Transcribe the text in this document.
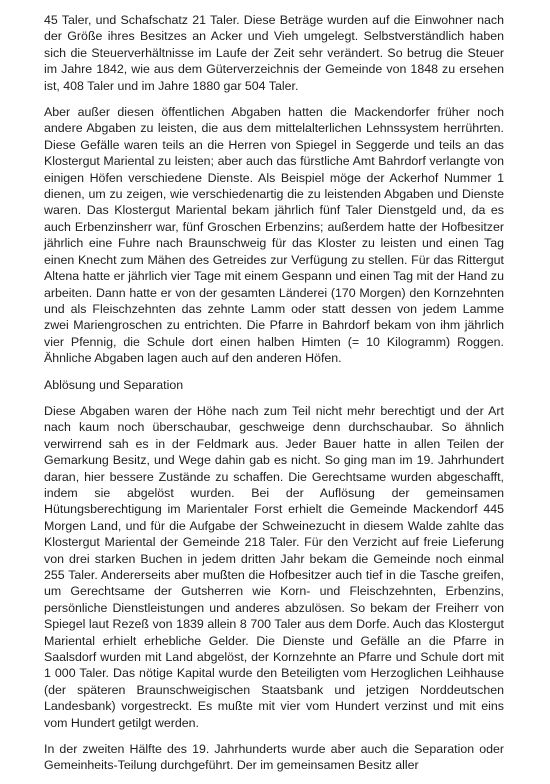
45 Taler, und Schafschatz 21 Taler. Diese Beträge wurden auf die Einwohner nach der Größe ihres Besitzes an Acker und Vieh umgelegt. Selbstverständlich haben sich die Steuerverhältnisse im Laufe der Zeit sehr verändert. So betrug die Steuer im Jahre 1842, wie aus dem Güterverzeichnis der Gemeinde von 1848 zu ersehen ist, 408 Taler und im Jahre 1880 gar 504 Taler.

Aber außer diesen öffentlichen Abgaben hatten die Mackendorfer früher noch andere Abgaben zu leisten, die aus dem mittelalterlichen Lehnssystem herrührten. Diese Gefälle waren teils an die Herren von Spiegel in Seggerde und teils an das Klostergut Mariental zu leisten; aber auch das fürstliche Amt Bahrdorf verlangte von einigen Höfen verschiedene Dienste. Als Beispiel möge der Ackerhof Nummer 1 dienen, um zu zeigen, wie verschiedenartig die zu leistenden Abgaben und Dienste waren. Das Klostergut Mariental bekam jährlich fünf Taler Dienstgeld und, da es auch Erbenzinsherr war, fünf Groschen Erbenzins; außerdem hatte der Hofbesitzer jährlich eine Fuhre nach Braunschweig für das Kloster zu leisten und einen Tag einen Knecht zum Mähen des Getreides zur Verfügung zu stellen. Für das Rittergut Altena hatte er jährlich vier Tage mit einem Gespann und einen Tag mit der Hand zu arbeiten. Dann hatte er von der gesamten Länderei (170 Morgen) den Kornzehnten und als Fleischzehnten das zehnte Lamm oder statt dessen von jedem Lamme zwei Mariengroschen zu entrichten. Die Pfarre in Bahrdorf bekam von ihm jährlich vier Pfennig, die Schule dort einen halben Himten (= 10 Kilogramm) Roggen. Ähnliche Abgaben lagen auch auf den anderen Höfen.

Ablösung und Separation

Diese Abgaben waren der Höhe nach zum Teil nicht mehr berechtigt und der Art nach kaum noch überschaubar, geschweige denn durchschaubar. So ähnlich verwirrend sah es in der Feldmark aus. Jeder Bauer hatte in allen Teilen der Gemarkung Besitz, und Wege dahin gab es nicht. So ging man im 19. Jahrhundert daran, hier bessere Zustände zu schaffen. Die Gerechtsame wurden abgeschafft, indem sie abgelöst wurden. Bei der Auflösung der gemeinsamen Hütungsberechtigung im Marientaler Forst erhielt die Gemeinde Mackendorf 445 Morgen Land, und für die Aufgabe der Schweinezucht in diesem Walde zahlte das Klostergut Mariental der Gemeinde 218 Taler. Für den Verzicht auf freie Lieferung von drei starken Buchen in jedem dritten Jahr bekam die Gemeinde noch einmal 255 Taler. Andererseits aber mußten die Hofbesitzer auch tief in die Tasche greifen, um Gerechtsame der Gutsherren wie Korn- und Fleischzehnten, Erbenzins, persönliche Dienstleistungen und anderes abzulösen. So bekam der Freiherr von Spiegel laut Rezeß von 1839 allein 8 700 Taler aus dem Dorfe. Auch das Klostergut Mariental erhielt erhebliche Gelder. Die Dienste und Gefälle an die Pfarre in Saalsdorf wurden mit Land abgelöst, der Kornzehnte an Pfarre und Schule dort mit 1 000 Taler. Das nötige Kapital wurde den Beteiligten vom Herzoglichen Leihhause (der späteren Braunschweigischen Staatsbank und jetzigen Norddeutschen Landesbank) vorgestreckt. Es mußte mit vier vom Hundert verzinst und mit eins vom Hundert getilgt werden.

In der zweiten Hälfte des 19. Jahrhunderts wurde aber auch die Separation oder Gemeinheits-Teilung durchgeführt. Der im gemeinsamen Besitz aller
